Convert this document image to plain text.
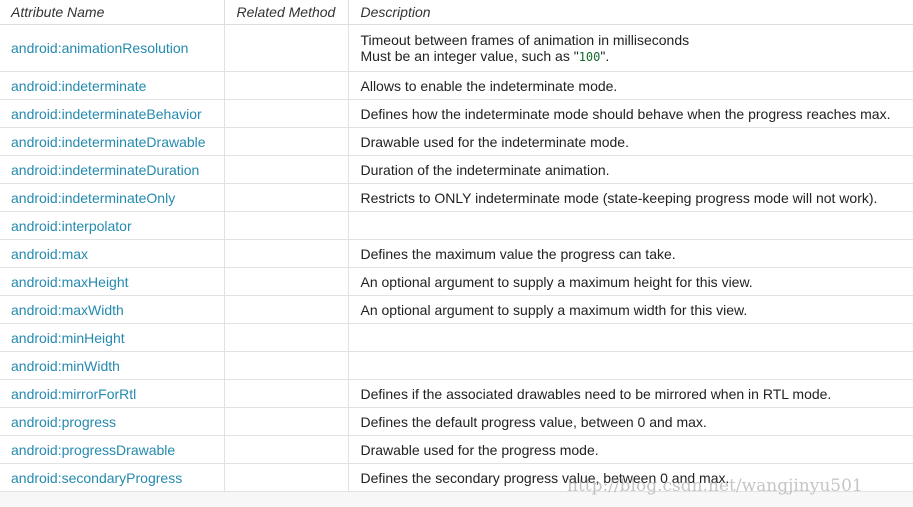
Attribute Name	Related Method	Description
android:animationResolution		Timeout between frames of animation in milliseconds
Must be an integer value, such as "100".

android:indeterminate		Allows to enable the indeterminate mode.
android:indeterminateBehavior		Defines how the indeterminate mode should behave when the progress reaches max.
android:indeterminateDrawable		Drawable used for the indeterminate mode.
android:indeterminateDuration		Duration of the indeterminate animation.
android:indeterminateOnly		Restricts to ONLY indeterminate mode (state-keeping progress mode will not work).
android:interpolator		
android:max		Defines the maximum value the progress can take.
android:maxHeight		An optional argument to supply a maximum height for this view.
android:maxWidth		An optional argument to supply a maximum width for this view.
android:minHeight		
android:minWidth		
android:mirrorForRtl		Defines if the associated drawables need to be mirrored when in RTL mode.
android:progress		Defines the default progress value, between 0 and max.
android:progressDrawable		Drawable used for the progress mode.
android:secondaryProgress		Defines the secondary progress value, between 0 and max.
http://blog.csdn.net/wangjinyu501
